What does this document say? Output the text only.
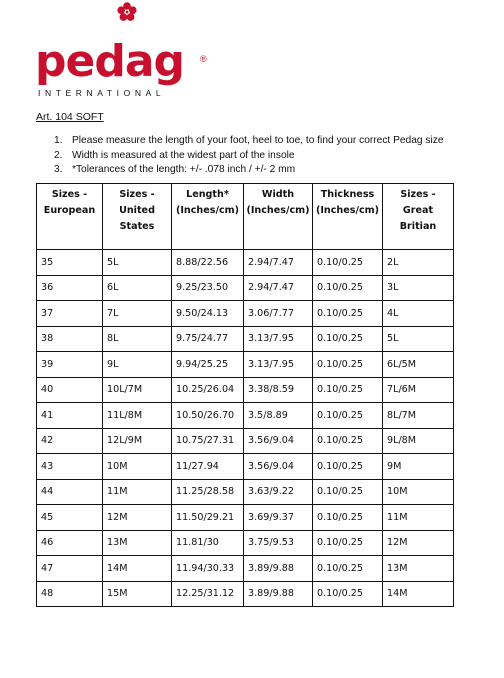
pedag ®
INTERNATIONAL
Art. 104 SOFT
1. Please measure the length of your foot, heel to toe, to find your correct Pedag size
2. Width is measured at the widest part of the insole
3. *Tolerances of the length: +/- .078 inch / +/- 2 mm
Sizes - European	Sizes - United States	Length* (Inches/cm)	Width (Inches/cm)	Thickness (Inches/cm)	Sizes - Great Britian
35	5L	8.88/22.56	2.94/7.47	0.10/0.25	2L
36	6L	9.25/23.50	2.94/7.47	0.10/0.25	3L
37	7L	9.50/24.13	3.06/7.77	0.10/0.25	4L
38	8L	9.75/24.77	3.13/7.95	0.10/0.25	5L
39	9L	9.94/25.25	3.13/7.95	0.10/0.25	6L/5M
40	10L/7M	10.25/26.04	3.38/8.59	0.10/0.25	7L/6M
41	11L/8M	10.50/26.70	3.5/8.89	0.10/0.25	8L/7M
42	12L/9M	10.75/27.31	3.56/9.04	0.10/0.25	9L/8M
43	10M	11/27.94	3.56/9.04	0.10/0.25	9M
44	11M	11.25/28.58	3.63/9.22	0.10/0.25	10M
45	12M	11.50/29.21	3.69/9.37	0.10/0.25	11M
46	13M	11.81/30	3.75/9.53	0.10/0.25	12M
47	14M	11.94/30.33	3.89/9.88	0.10/0.25	13M
48	15M	12.25/31.12	3.89/9.88	0.10/0.25	14M
